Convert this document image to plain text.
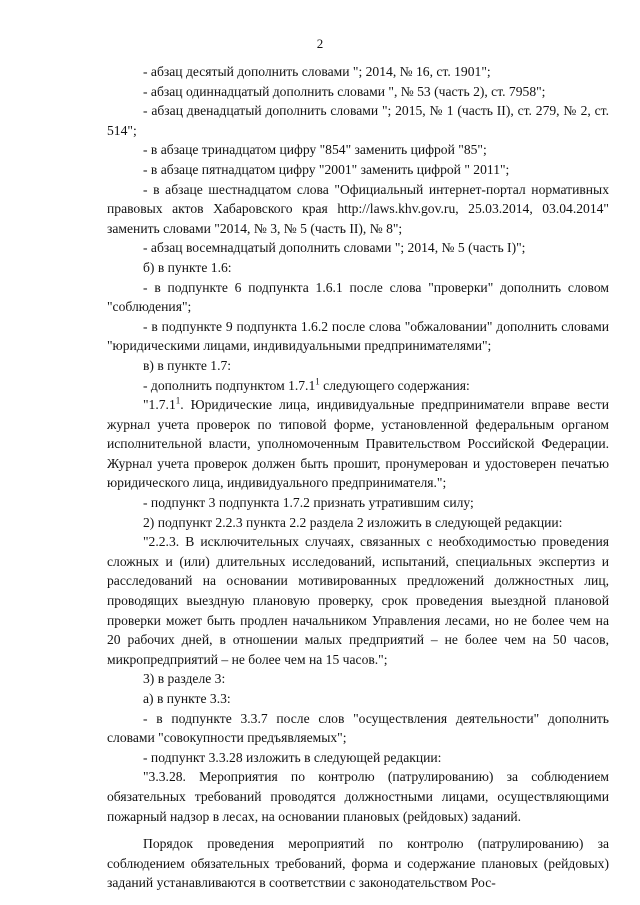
2

- абзац десятый дополнить словами "; 2014, № 16, ст. 1901";

- абзац одиннадцатый дополнить словами ", № 53 (часть 2), ст. 7958";

- абзац двенадцатый дополнить словами "; 2015, № 1 (часть II), ст. 279, № 2, ст. 514";

- в абзаце тринадцатом цифру "854" заменить цифрой "85";

- в абзаце пятнадцатом цифру "2001" заменить цифрой " 2011";

- в абзаце шестнадцатом слова "Официальный интернет-портал нормативных правовых актов Хабаровского края http://laws.khv.gov.ru, 25.03.2014, 03.04.2014" заменить словами "2014, № 3, № 5 (часть II), № 8";

- абзац восемнадцатый дополнить словами "; 2014, № 5 (часть I)";

б) в пункте 1.6:

- в подпункте 6 подпункта 1.6.1 после слова "проверки" дополнить словом "соблюдения";

- в подпункте 9 подпункта 1.6.2 после слова "обжаловании" дополнить словами "юридическими лицами, индивидуальными предпринимателями";

в) в пункте 1.7:

- дополнить подпунктом 1.7.1$^1$ следующего содержания:

"1.7.1$^1$. Юридические лица, индивидуальные предприниматели вправе вести журнал учета проверок по типовой форме, установленной федеральным органом исполнительной власти, уполномоченным Правительством Российской Федерации. Журнал учета проверок должен быть прошит, пронумерован и удостоверен печатью юридического лица, индивидуального предпринимателя.";

- подпункт 3 подпункта 1.7.2 признать утратившим силу;

2) подпункт 2.2.3 пункта 2.2 раздела 2 изложить в следующей редакции:

"2.2.3. В исключительных случаях, связанных с необходимостью проведения сложных и (или) длительных исследований, испытаний, специальных экспертиз и расследований на основании мотивированных предложений должностных лиц, проводящих выездную плановую проверку, срок проведения выездной плановой проверки может быть продлен начальником Управления лесами, но не более чем на 20 рабочих дней, в отношении малых предприятий – не более чем на 50 часов, микропредприятий – не более чем на 15 часов.";

3) в разделе 3:

а) в пункте 3.3:

- в подпункте 3.3.7 после слов "осуществления деятельности" дополнить словами "совокупности предъявляемых";

- подпункт 3.3.28 изложить в следующей редакции:

"3.3.28. Мероприятия по контролю (патрулированию) за соблюдением обязательных требований проводятся должностными лицами, осуществляющими пожарный надзор в лесах, на основании плановых (рейдовых) заданий.

Порядок проведения мероприятий по контролю (патрулированию) за соблюдением обязательных требований, форма и содержание плановых (рейдовых) заданий устанавливаются в соответствии с законодательством Рос-
